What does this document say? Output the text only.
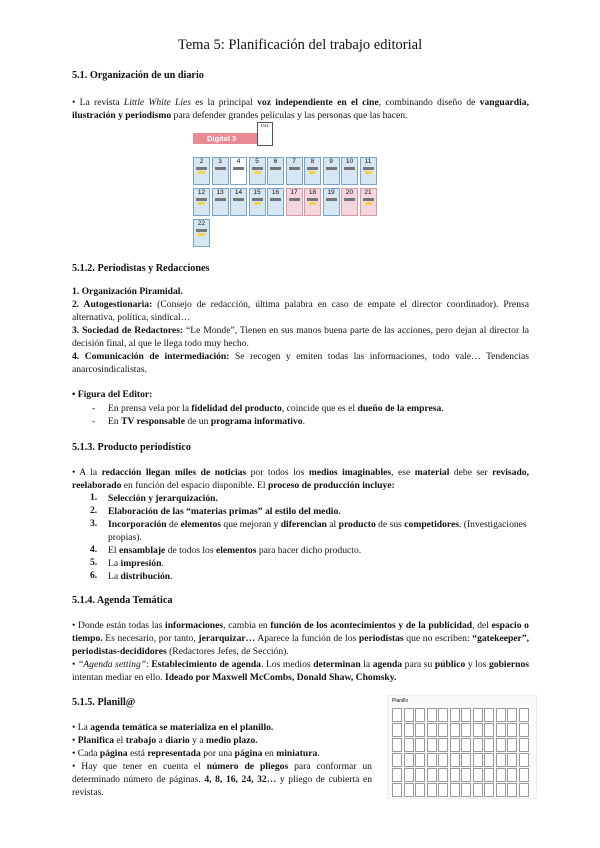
Tema 5: Planificación del trabajo editorial
5.1. Organización de un diario
• La revista Little White Lies es la principal voz independiente en el cine, combinando diseño de vanguardia, ilustración y periodismo para defender grandes películas y las personas que las hacen.
Digital 3
LWL
2	3	4	5	6	7	8	9	10	11
12	13	14	15	16	17	18	19	20	21
22
5.1.2. Periodistas y Redacciones
1. Organización Piramidal.
2. Autogestionaria: (Consejo de redacción, última palabra en caso de empate el director coordinador). Prensa alternativa, política, sindical…
3. Sociedad de Redactores: “Le Monde”, Tienen en sus manos buena parte de las acciones, pero dejan al director la decisión final, al que le llega todo muy hecho.
4. Comunicación de intermediación: Se recogen y emiten todas las informaciones, todo vale… Tendencias anarcosindicalistas.
• Figura del Editor:
- En prensa vela por la fidelidad del producto, coincide que es el dueño de la empresa.
- En TV responsable de un programa informativo.
5.1.3. Producto periodístico
• A la redacción llegan miles de noticias por todos los medios imaginables, ese material debe ser revisado, reelaborado en función del espacio disponible. El proceso de producción incluye:
1. Selección y jerarquización.
2. Elaboración de las “materias primas” al estilo del medio.
3. Incorporación de elementos que mejoran y diferencian al producto de sus competidores. (Investigaciones propias).
4. El ensamblaje de todos los elementos para hacer dicho producto.
5. La impresión.
6. La distribución.
5.1.4. Agenda Temática
• Donde están todas las informaciones, cambia en función de los acontecimientos y de la publicidad, del espacio o tiempo. Es necesario, por tanto, jerarquizar… Aparece la función de los periodistas que no escriben: “gatekeeper”, periodistas-decididores (Redactores Jefes, de Sección).
• “Agenda setting”: Establecimiento de agenda. Los medios determinan la agenda para su público y los gobiernos intentan mediar en ello. Ideado por Maxwell McCombs, Donald Shaw, Chomsky.
5.1.5. Planill@
• La agenda temática se materializa en el planillo.
• Planifica el trabajo a diario y a medio plazo.
• Cada página está representada por una página en miniatura.
• Hay que tener en cuenta el número de pliegos para conformar un determinado número de páginas. 4, 8, 16, 24, 32… y pliego de cubierta en revistas.
Planillo
